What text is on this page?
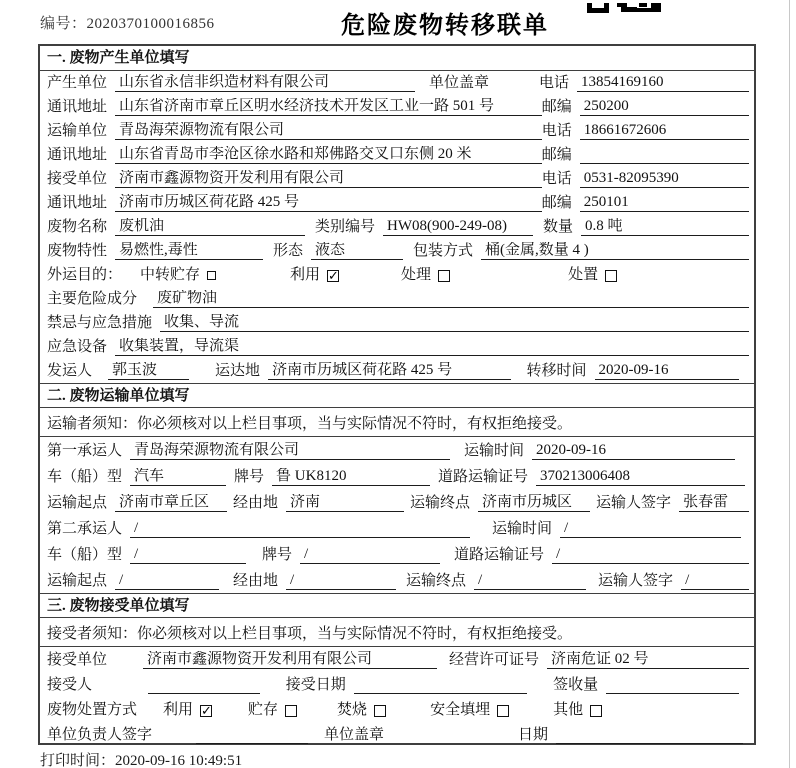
编号：2020370100016856	危险废物转移联单
一. 废物产生单位填写
产生单位 山东省永信非织造材料有限公司	单位盖章	电话 13854169160
通讯地址 山东省济南市章丘区明水经济技术开发区工业一路 501 号	邮编 250200
运输单位 青岛海荣源物流有限公司	电话 18661672606
通讯地址 山东省青岛市李沧区徐水路和郑佛路交叉口东侧 20 米	邮编
接受单位 济南市鑫源物资开发利用有限公司	电话 0531-82095390
通讯地址 济南市历城区荷花路 425 号	邮编 250101
废物名称 废机油	类别编号 HW08(900-249-08)	数量 0.8 吨
废物特性 易燃性,毒性	形态 液态	包装方式 桶(金属,数量 4 )
外运目的：	中转贮存	利用 ✓	处理	处置
主要危险成分	废矿物油
禁忌与应急措施 收集、导流
应急设备 收集装置，导流渠
发运人	郭玉波	运达地 济南市历城区荷花路 425 号	转移时间 2020-09-16
二. 废物运输单位填写
运输者须知：你必须核对以上栏目事项，当与实际情况不符时，有权拒绝接受。
第一承运人 青岛海荣源物流有限公司	运输时间 2020-09-16
车（船）型 汽车	牌号 鲁 UK8120	道路运输证号 370213006408
运输起点 济南市章丘区	经由地 济南	运输终点 济南市历城区	运输人签字 张春雷
第二承运人 /	运输时间 /
车（船）型 /	牌号 /	道路运输证号 /
运输起点 /	经由地 /	运输终点 /	运输人签字 /
三. 废物接受单位填写
接受者须知：你必须核对以上栏目事项，当与实际情况不符时，有权拒绝接受。
接受单位	济南市鑫源物资开发利用有限公司	经营许可证号 济南危证 02 号
接受人	接受日期	签收量
废物处置方式	利用 ✓	贮存	焚烧	安全填埋	其他
单位负责人签字	单位盖章	日期
打印时间：2020-09-16 10:49:51
